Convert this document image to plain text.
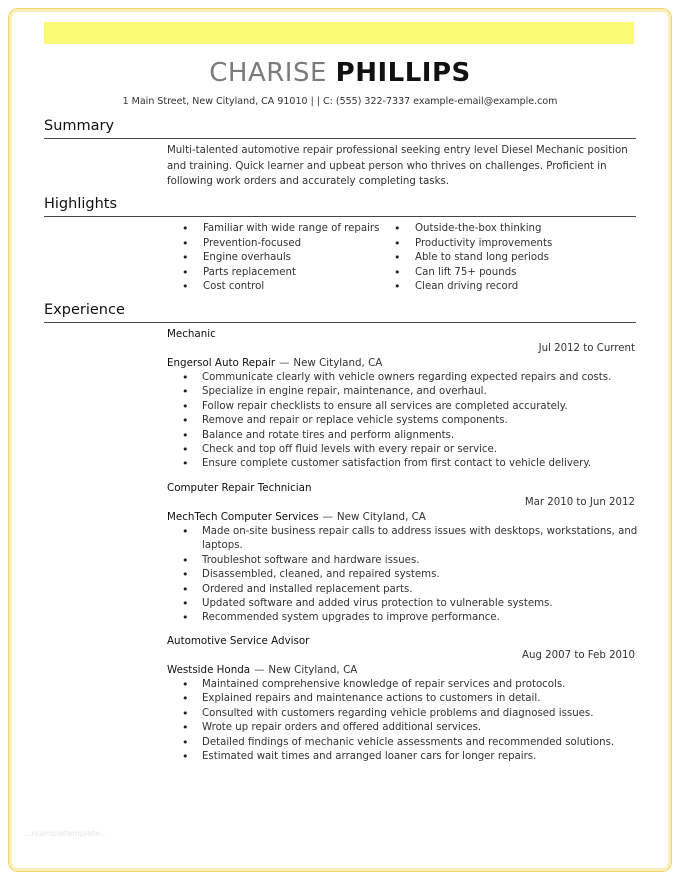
CHARISE PHILLIPS
1 Main Street, New Cityland, CA 91010 | | C: (555) 322-7337 example-email@example.com
Summary

Multi-talented automotive repair professional seeking entry level Diesel Mechanic position and training. Quick learner and upbeat person who thrives on challenges. Proficient in following work orders and accurately completing tasks.

Highlights
• Familiar with wide range of repairs
• Prevention-focused
• Engine overhauls
• Parts replacement
• Cost control
• Outside-the-box thinking
• Productivity improvements
• Able to stand long periods
• Can lift 75+ pounds
• Clean driving record
Experience
Mechanic
Jul 2012 to Current
Engersol Auto Repair — New Cityland, CA
• Communicate clearly with vehicle owners regarding expected repairs and costs.
• Specialize in engine repair, maintenance, and overhaul.
• Follow repair checklists to ensure all services are completed accurately.
• Remove and repair or replace vehicle systems components.
• Balance and rotate tires and perform alignments.
• Check and top off fluid levels with every repair or service.
• Ensure complete customer satisfaction from first contact to vehicle delivery.
Computer Repair Technician
Mar 2010 to Jun 2012
MechTech Computer Services — New Cityland, CA
• Made on-site business repair calls to address issues with desktops, workstations, and laptops.
• Troubleshot software and hardware issues.
• Disassembled, cleaned, and repaired systems.
• Ordered and installed replacement parts.
• Updated software and added virus protection to vulnerable systems.
• Recommended system upgrades to improve performance.
Automotive Service Advisor
Aug 2007 to Feb 2010
Westside Honda — New Cityland, CA
• Maintained comprehensive knowledge of repair services and protocols.
• Explained repairs and maintenance actions to customers in detail.
• Consulted with customers regarding vehicle problems and diagnosed issues.
• Wrote up repair orders and offered additional services.
• Detailed findings of mechanic vehicle assessments and recommended solutions.
• Estimated wait times and arranged loaner cars for longer repairs.
...rsampletemplate...
